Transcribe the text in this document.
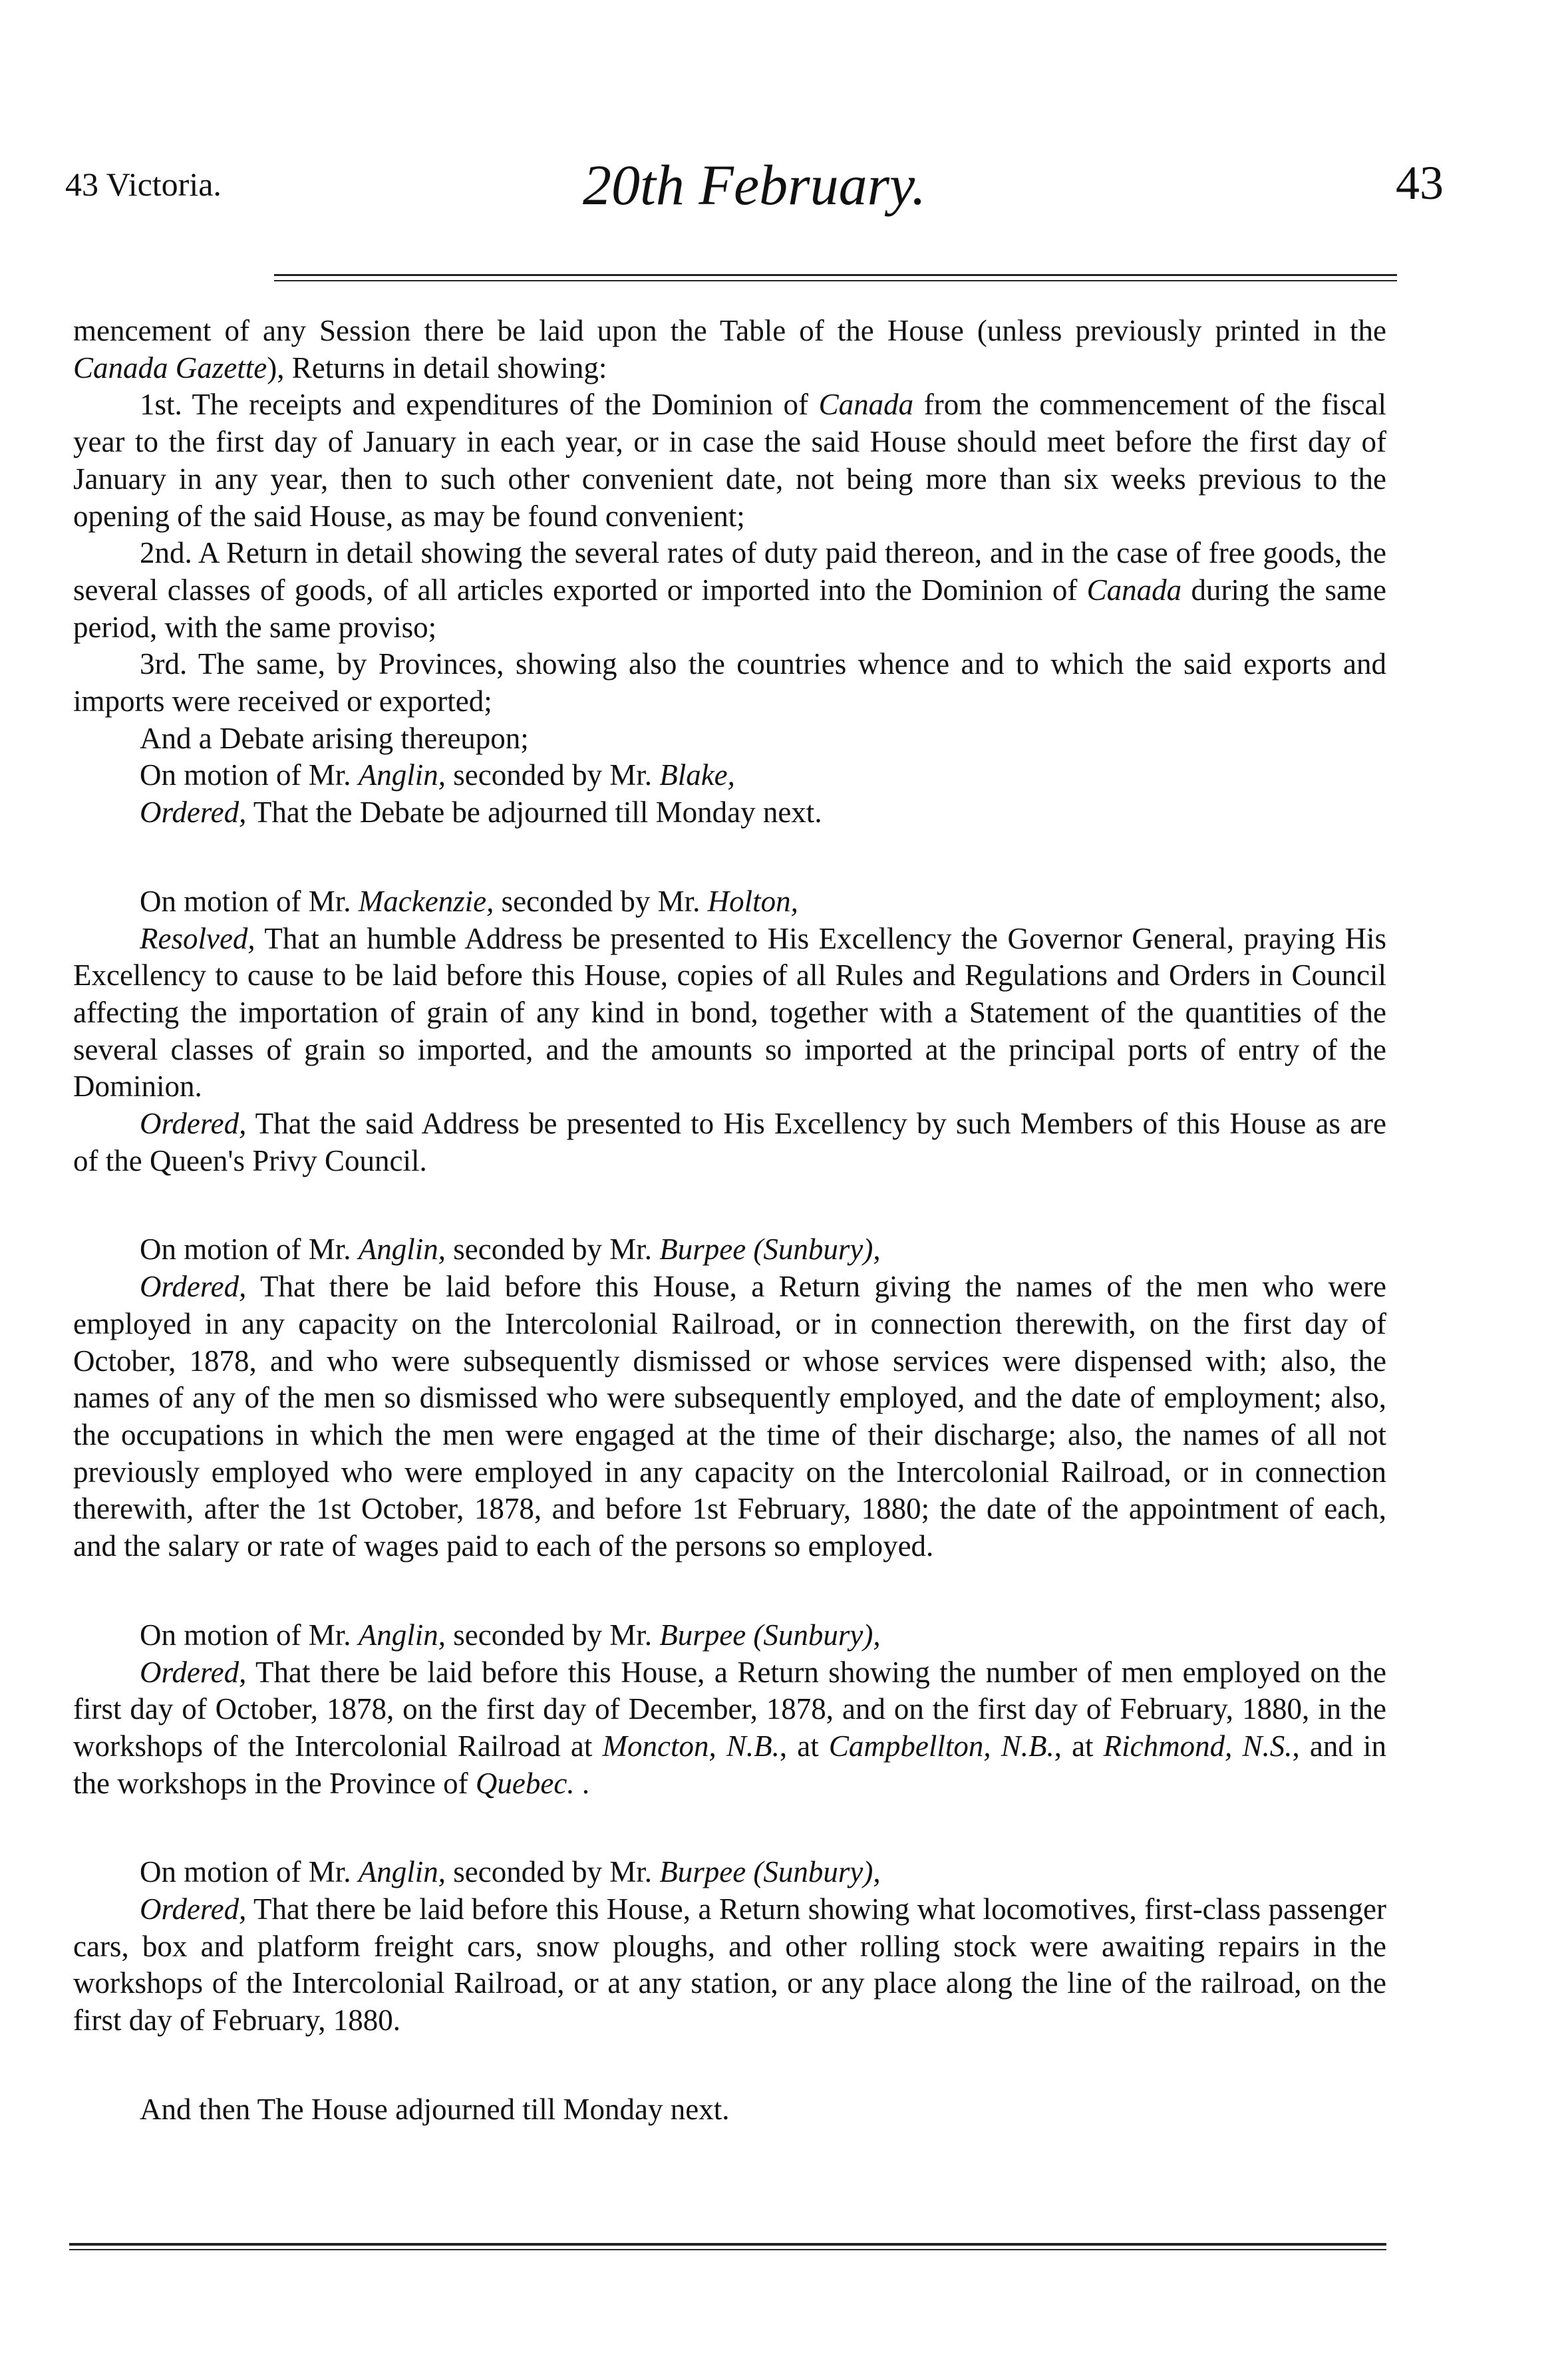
43 Victoria.	20th February.	43

mencement of any Session there be laid upon the Table of the House (unless previously printed in the Canada Gazette), Returns in detail showing:

1st. The receipts and expenditures of the Dominion of Canada from the commencement of the fiscal year to the first day of January in each year, or in case the said House should meet before the first day of January in any year, then to such other convenient date, not being more than six weeks previous to the opening of the said House, as may be found convenient;

2nd. A Return in detail showing the several rates of duty paid thereon, and in the case of free goods, the several classes of goods, of all articles exported or imported into the Dominion of Canada during the same period, with the same proviso;

3rd. The same, by Provinces, showing also the countries whence and to which the said exports and imports were received or exported;

And a Debate arising thereupon;

On motion of Mr. Anglin, seconded by Mr. Blake,

Ordered, That the Debate be adjourned till Monday next.

On motion of Mr. Mackenzie, seconded by Mr. Holton,

Resolved, That an humble Address be presented to His Excellency the Governor General, praying His Excellency to cause to be laid before this House, copies of all Rules and Regulations and Orders in Council affecting the importation of grain of any kind in bond, together with a Statement of the quantities of the several classes of grain so imported, and the amounts so imported at the principal ports of entry of the Dominion.

Ordered, That the said Address be presented to His Excellency by such Members of this House as are of the Queen's Privy Council.

On motion of Mr. Anglin, seconded by Mr. Burpee (Sunbury),

Ordered, That there be laid before this House, a Return giving the names of the men who were employed in any capacity on the Intercolonial Railroad, or in connection therewith, on the first day of October, 1878, and who were subsequently dismissed or whose services were dispensed with; also, the names of any of the men so dismissed who were subsequently employed, and the date of employment; also, the occupations in which the men were engaged at the time of their discharge; also, the names of all not previously employed who were employed in any capacity on the Intercolonial Railroad, or in connection therewith, after the 1st October, 1878, and before 1st February, 1880; the date of the appointment of each, and the salary or rate of wages paid to each of the persons so employed.

On motion of Mr. Anglin, seconded by Mr. Burpee (Sunbury),

Ordered, That there be laid before this House, a Return showing the number of men employed on the first day of October, 1878, on the first day of December, 1878, and on the first day of February, 1880, in the workshops of the Intercolonial Railroad at Moncton, N.B., at Campbellton, N.B., at Richmond, N.S., and in the workshops in the Province of Quebec. .

On motion of Mr. Anglin, seconded by Mr. Burpee (Sunbury),

Ordered, That there be laid before this House, a Return showing what locomotives, first-class passenger cars, box and platform freight cars, snow ploughs, and other rolling stock were awaiting repairs in the workshops of the Intercolonial Railroad, or at any station, or any place along the line of the railroad, on the first day of February, 1880.

And then The House adjourned till Monday next.
